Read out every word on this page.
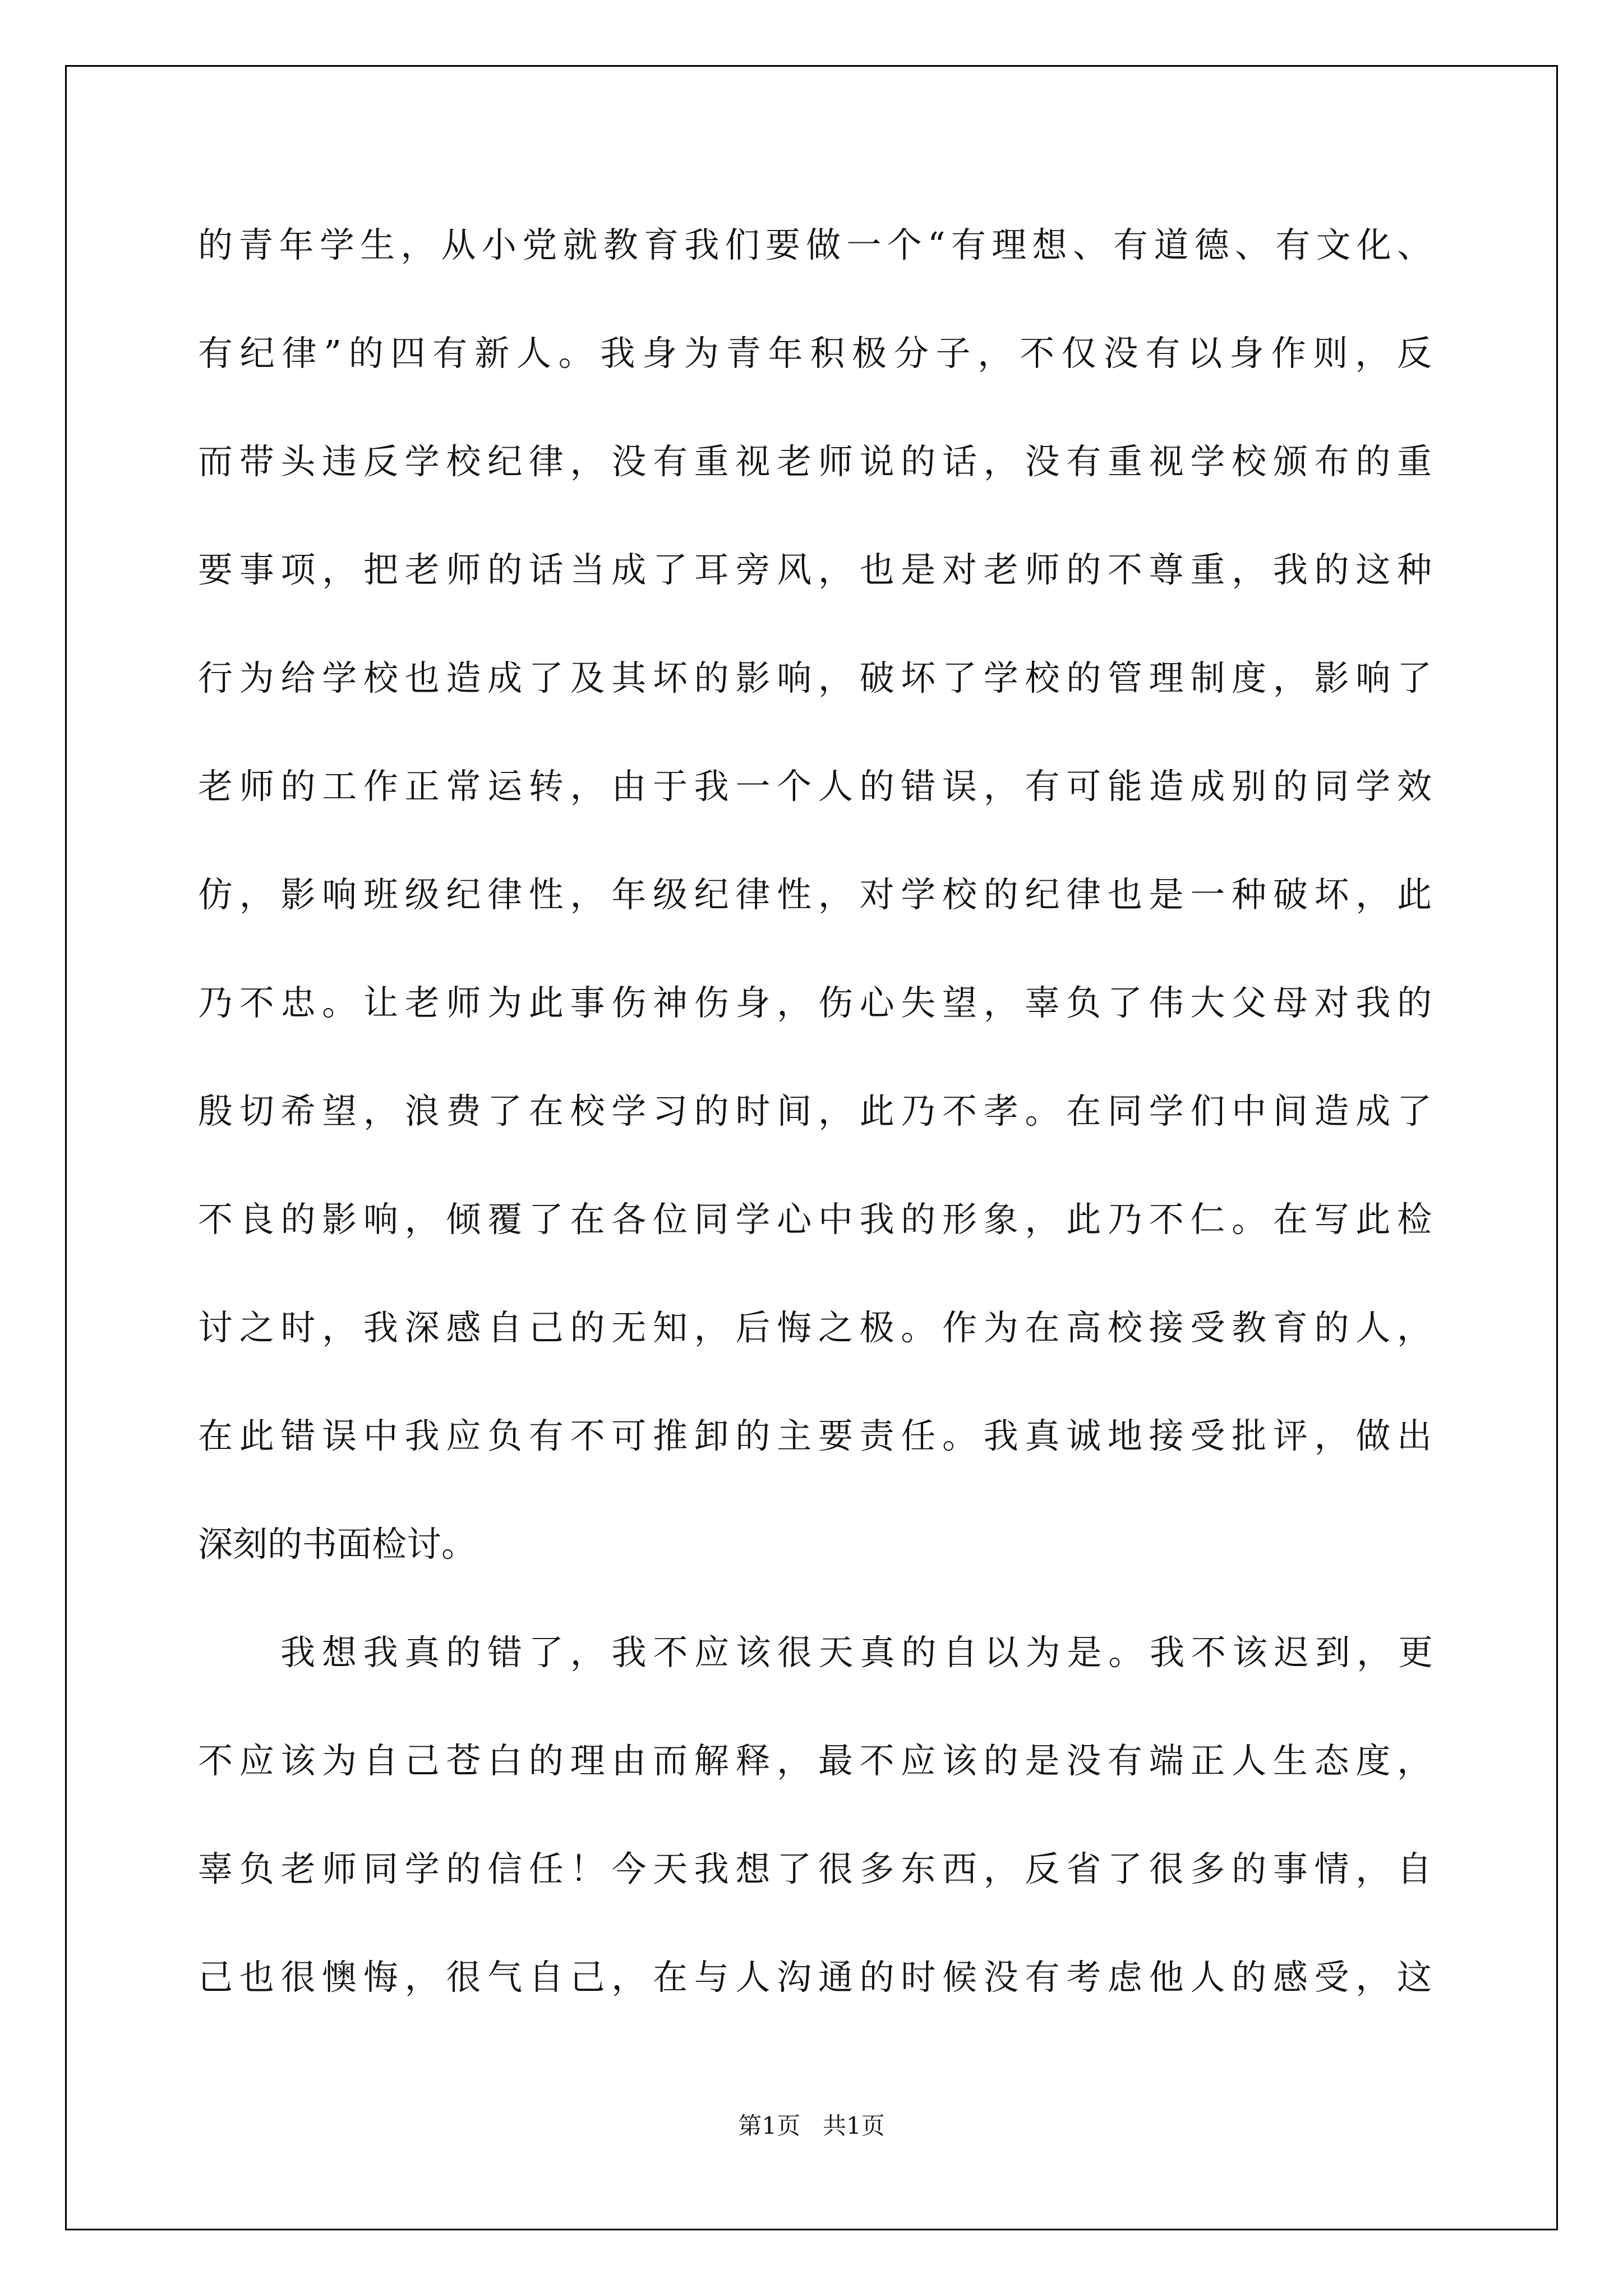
的青年学生，从小党就教育我们要做一个“有理想、有道德、有文化、
有纪律”的四有新人。我身为青年积极分子，不仅没有以身作则，反
而带头违反学校纪律，没有重视老师说的话，没有重视学校颁布的重
要事项，把老师的话当成了耳旁风，也是对老师的不尊重，我的这种
行为给学校也造成了及其坏的影响，破坏了学校的管理制度，影响了
老师的工作正常运转，由于我一个人的错误，有可能造成别的同学效
仿，影响班级纪律性，年级纪律性，对学校的纪律也是一种破坏，此
乃不忠。让老师为此事伤神伤身，伤心失望，辜负了伟大父母对我的
殷切希望，浪费了在校学习的时间，此乃不孝。在同学们中间造成了
不良的影响，倾覆了在各位同学心中我的形象，此乃不仁。在写此检
讨之时，我深感自己的无知，后悔之极。作为在高校接受教育的人，
在此错误中我应负有不可推卸的主要责任。我真诚地接受批评，做出
深刻的书面检讨。
我想我真的错了，我不应该很天真的自以为是。我不该迟到，更
不应该为自己苍白的理由而解释，最不应该的是没有端正人生态度，
辜负老师同学的信任！今天我想了很多东西，反省了很多的事情，自
己也很懊悔，很气自己，在与人沟通的时候没有考虑他人的感受，这
第1页   共1页
